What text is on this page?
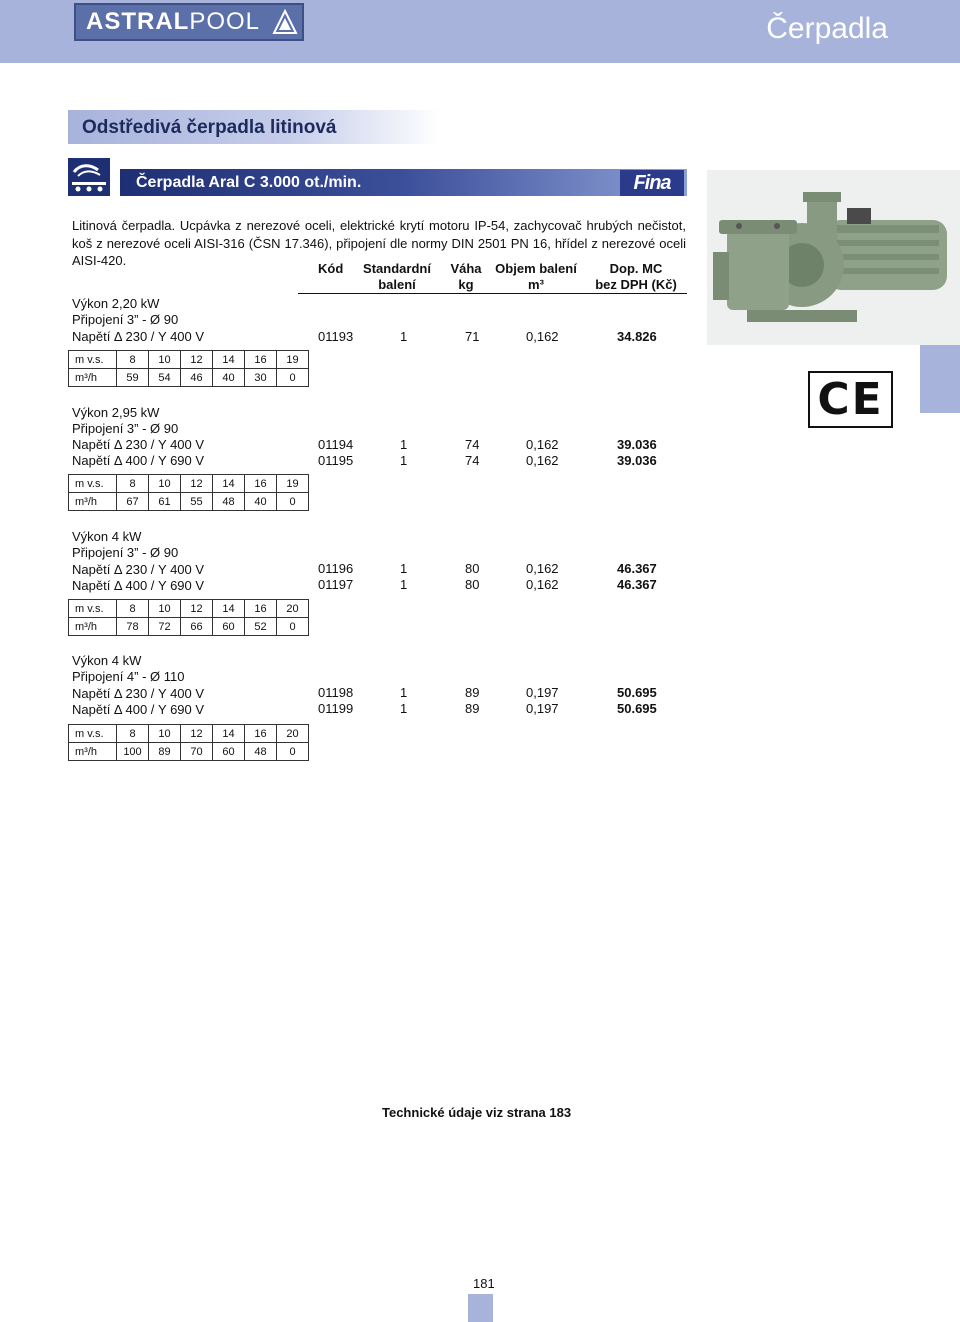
ASTRALPOOL	Čerpadla
Odstředivá čerpadla litinová
Čerpadla Aral C 3.000 ot./min.	Fina
Litinová čerpadla. Ucpávka z nerezové oceli, elektrické krytí motoru IP-54, zachycovač hrubých nečistot, koš z nerezové oceli AISI-316 (ČSN 17.346), připojení dle normy DIN 2501 PN 16, hřídel z nerezové oceli AISI-420.
CE
Kód Standardní
balení
Váha
kg
Objem balení
m³
Dop. MC
bez DPH (Kč)
Výkon 2,20 kW
Připojení 3” - Ø 90
Napětí Δ 230 / Y 400 V	01193	1	71	0,162	34.826
m v.s.	8	10	12	14	16	19
m³/h	59	54	46	40	30	0
Výkon 2,95 kW
Připojení 3” - Ø 90
Napětí Δ 230 / Y 400 V	01194	1	74	0,162	39.036
Napětí Δ 400 / Y 690 V	01195	1	74	0,162	39.036
m v.s.	8	10	12	14	16	19
m³/h	67	61	55	48	40	0
Výkon 4 kW
Připojení 3” - Ø 90
Napětí Δ 230 / Y 400 V	01196	1	80	0,162	46.367
Napětí Δ 400 / Y 690 V	01197	1	80	0,162	46.367
m v.s.	8	10	12	14	16	20
m³/h	78	72	66	60	52	0
Výkon 4 kW
Připojení 4” - Ø 110
Napětí Δ 230 / Y 400 V	01198	1	89	0,197	50.695
Napětí Δ 400 / Y 690 V	01199	1	89	0,197	50.695
m v.s.	8	10	12	14	16	20
m³/h	100	89	70	60	48	0
Technické údaje viz strana 183
181
